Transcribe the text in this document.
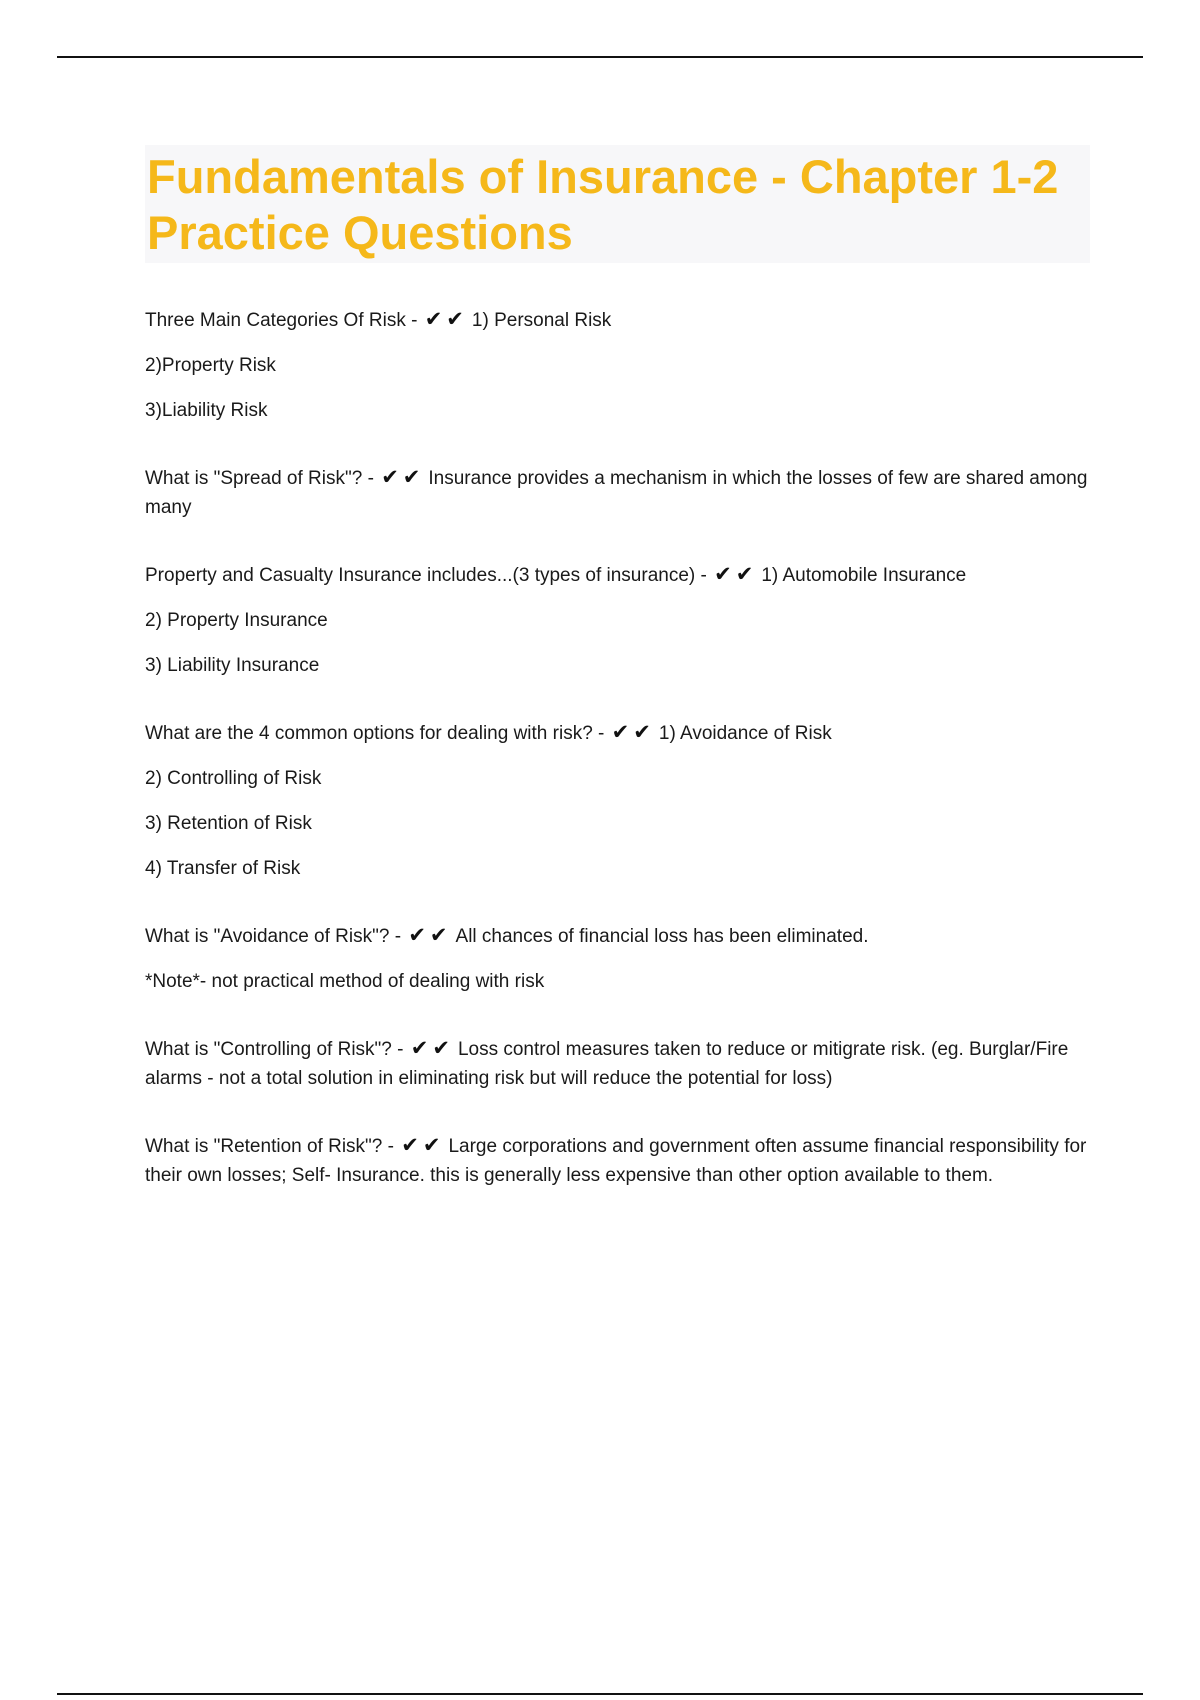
Fundamentals of Insurance - Chapter 1-2 Practice Questions

Three Main Categories Of Risk - ✔✔ 1) Personal Risk

2)Property Risk

3)Liability Risk

What is "Spread of Risk"? - ✔✔ Insurance provides a mechanism in which the losses of few are shared among many

Property and Casualty Insurance includes...(3 types of insurance) - ✔✔ 1) Automobile Insurance

2) Property Insurance

3) Liability Insurance

What are the 4 common options for dealing with risk? - ✔✔ 1) Avoidance of Risk

2) Controlling of Risk

3) Retention of Risk

4) Transfer of Risk

What is "Avoidance of Risk"? - ✔✔ All chances of financial loss has been eliminated.

*Note*- not practical method of dealing with risk

What is "Controlling of Risk"? - ✔✔ Loss control measures taken to reduce or mitigrate risk. (eg. Burglar/Fire alarms - not a total solution in eliminating risk but will reduce the potential for loss)

What is "Retention of Risk"? - ✔✔ Large corporations and government often assume financial responsibility for their own losses; Self- Insurance. this is generally less expensive than other option available to them.
